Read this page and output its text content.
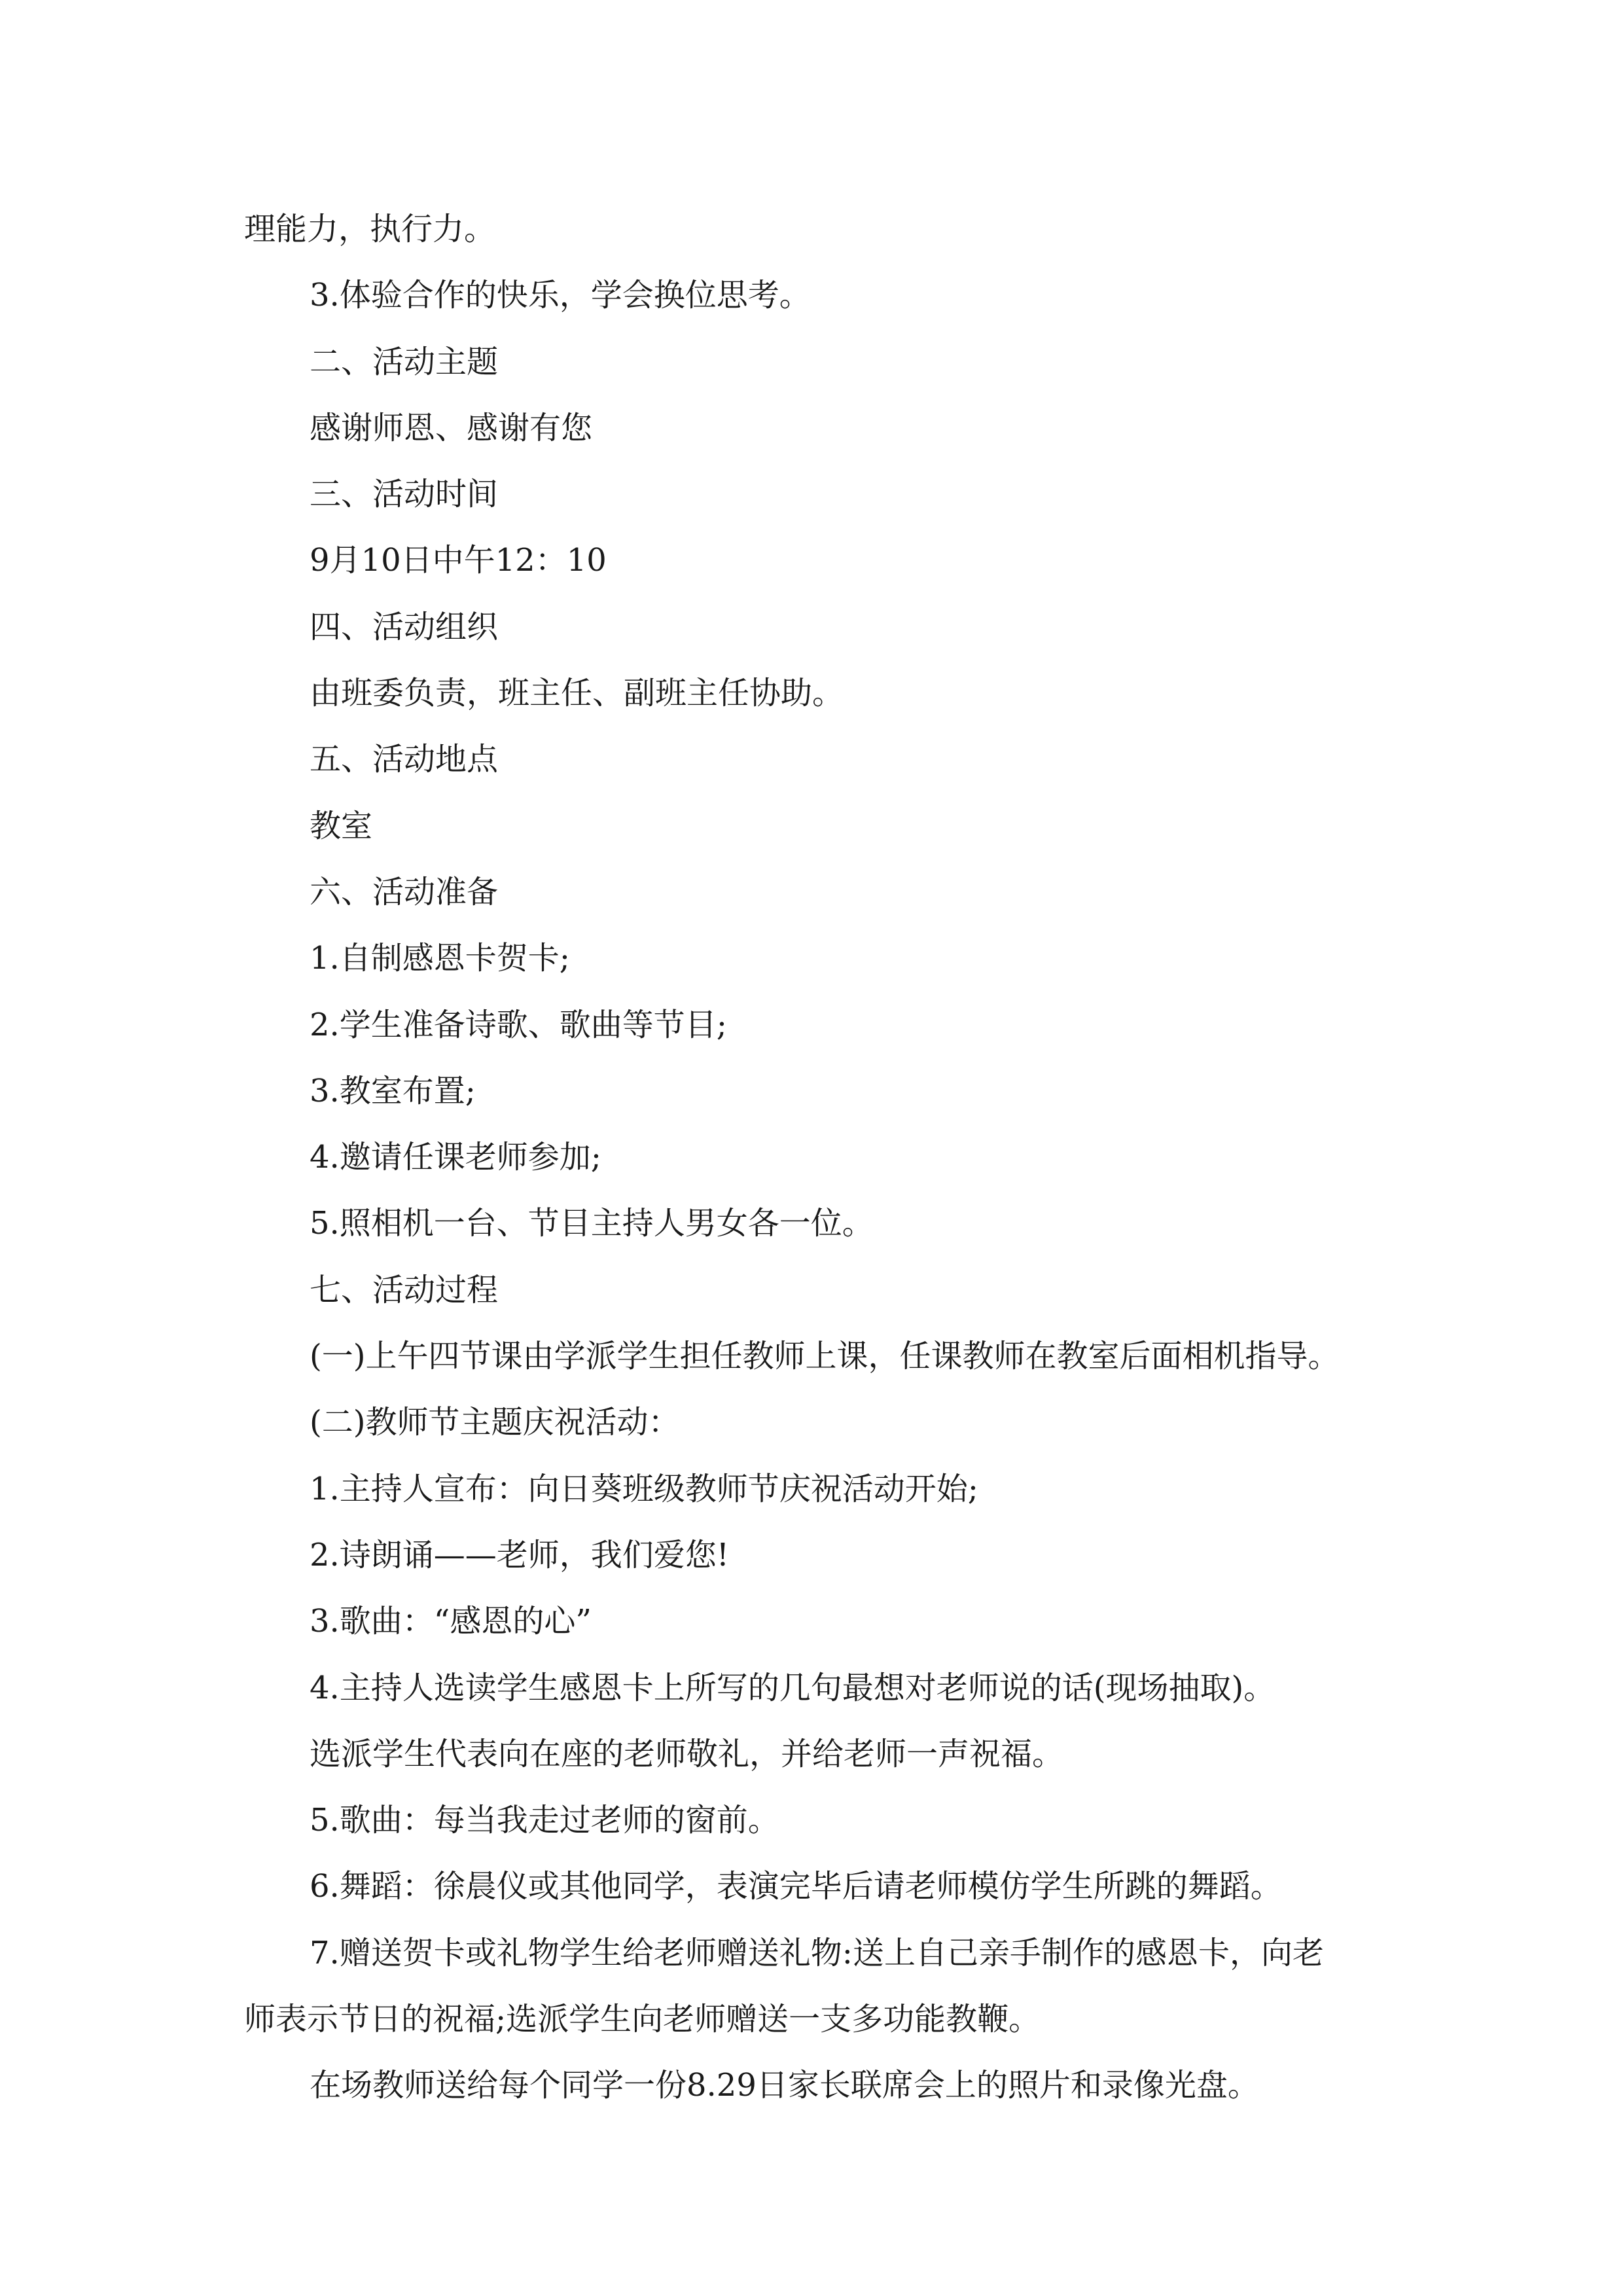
理能力，执行力。
3.体验合作的快乐，学会换位思考。
二、活动主题
感谢师恩、感谢有您
三、活动时间
9月10日中午12：10
四、活动组织
由班委负责，班主任、副班主任协助。
五、活动地点
教室
六、活动准备
1.自制感恩卡贺卡;
2.学生准备诗歌、歌曲等节目;
3.教室布置;
4.邀请任课老师参加;
5.照相机一台、节目主持人男女各一位。
七、活动过程
(一)上午四节课由学派学生担任教师上课，任课教师在教室后面相机指导。
(二)教师节主题庆祝活动：
1.主持人宣布：向日葵班级教师节庆祝活动开始;
2.诗朗诵——老师，我们爱您!
3.歌曲：“感恩的心”
4.主持人选读学生感恩卡上所写的几句最想对老师说的话(现场抽取)。
选派学生代表向在座的老师敬礼，并给老师一声祝福。
5.歌曲：每当我走过老师的窗前。
6.舞蹈：徐晨仪或其他同学，表演完毕后请老师模仿学生所跳的舞蹈。
7.赠送贺卡或礼物学生给老师赠送礼物:送上自己亲手制作的感恩卡，向老
师表示节日的祝福;选派学生向老师赠送一支多功能教鞭。
在场教师送给每个同学一份8.29日家长联席会上的照片和录像光盘。
